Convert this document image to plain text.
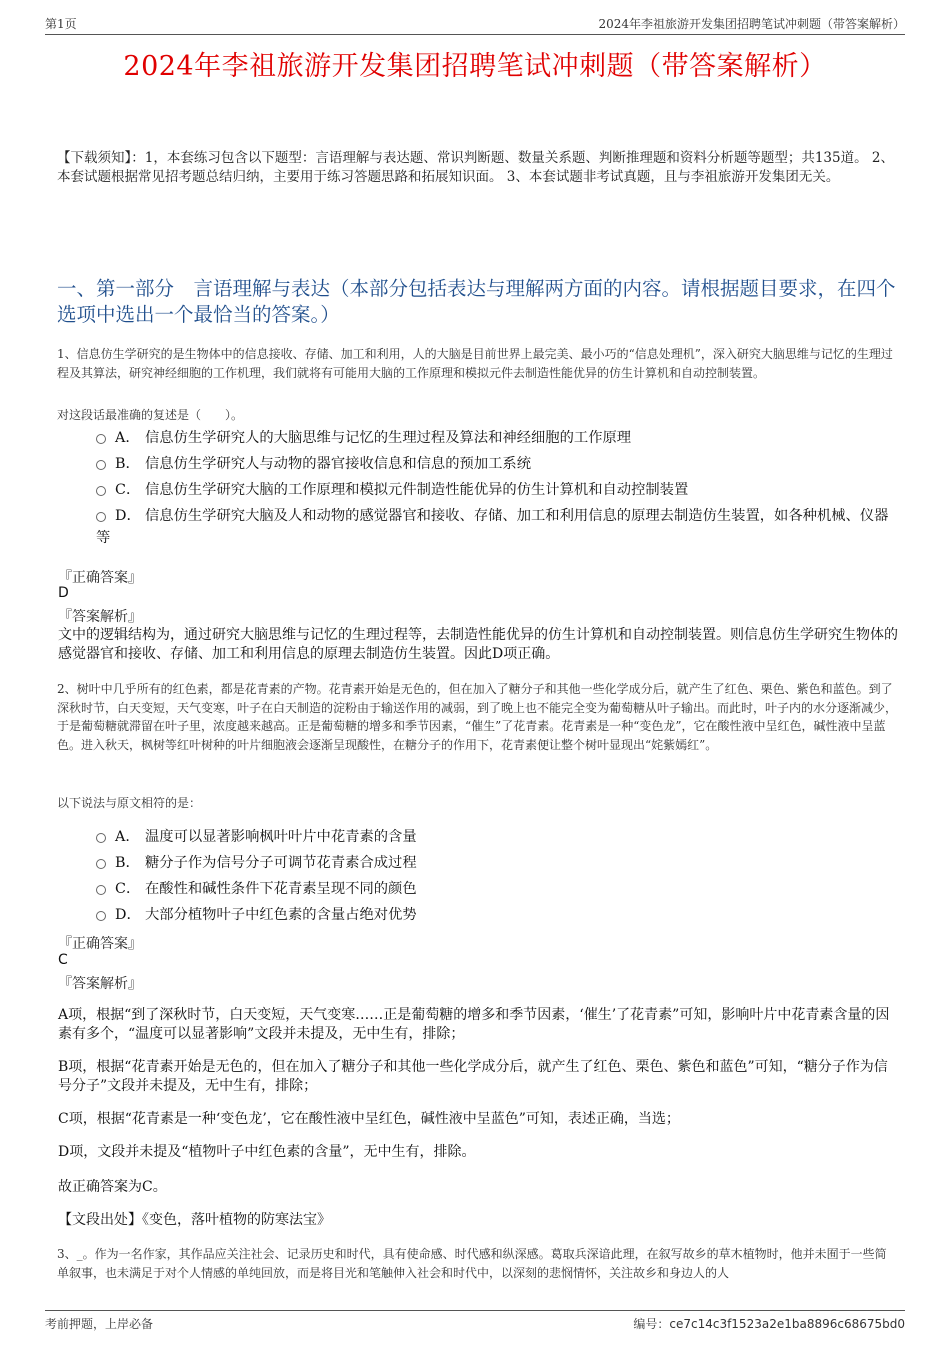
第1页	2024年李祖旅游开发集团招聘笔试冲刺题（带答案解析）
2024年李祖旅游开发集团招聘笔试冲刺题（带答案解析）
【下载须知】：1，本套练习包含以下题型：言语理解与表达题、常识判断题、数量关系题、判断推理题和资料分析题等题型；共135道。 2、本套试题根据常见招考题总结归纳，主要用于练习答题思路和拓展知识面。 3、本套试题非考试真题，且与李祖旅游开发集团无关。
一、第一部分　言语理解与表达（本部分包括表达与理解两方面的内容。请根据题目要求，在四个选项中选出一个最恰当的答案。）
1、信息仿生学研究的是生物体中的信息接收、存储、加工和利用，人的大脑是目前世界上最完美、最小巧的“信息处理机”，深入研究大脑思维与记忆的生理过程及其算法，研究神经细胞的工作机理，我们就将有可能用大脑的工作原理和模拟元件去制造性能优异的仿生计算机和自动控制装置。
对这段话最准确的复述是（　　）。
A． 信息仿生学研究人的大脑思维与记忆的生理过程及算法和神经细胞的工作原理
B． 信息仿生学研究人与动物的器官接收信息和信息的预加工系统
C． 信息仿生学研究大脑的工作原理和模拟元件制造性能优异的仿生计算机和自动控制装置
D． 信息仿生学研究大脑及人和动物的感觉器官和接收、存储、加工和利用信息的原理去制造仿生装置，如各种机械、仪器等
『正确答案』
D
『答案解析』
文中的逻辑结构为，通过研究大脑思维与记忆的生理过程等，去制造性能优异的仿生计算机和自动控制装置。则信息仿生学研究生物体的感觉器官和接收、存储、加工和利用信息的原理去制造仿生装置。因此D项正确。
2、树叶中几乎所有的红色素，都是花青素的产物。花青素开始是无色的，但在加入了糖分子和其他一些化学成分后，就产生了红色、栗色、紫色和蓝色。到了深秋时节，白天变短，天气变寒，叶子在白天制造的淀粉由于输送作用的减弱，到了晚上也不能完全变为葡萄糖从叶子输出。而此时，叶子内的水分逐渐减少，于是葡萄糖就滞留在叶子里，浓度越来越高。正是葡萄糖的增多和季节因素，“催生”了花青素。花青素是一种“变色龙”，它在酸性液中呈红色，碱性液中呈蓝色。进入秋天，枫树等红叶树种的叶片细胞液会逐渐呈现酸性，在糖分子的作用下，花青素便让整个树叶显现出“姹紫嫣红”。
以下说法与原文相符的是：
A． 温度可以显著影响枫叶叶片中花青素的含量
B． 糖分子作为信号分子可调节花青素合成过程
C． 在酸性和碱性条件下花青素呈现不同的颜色
D． 大部分植物叶子中红色素的含量占绝对优势
『正确答案』
C
『答案解析』
A项，根据“到了深秋时节，白天变短，天气变寒……正是葡萄糖的增多和季节因素，‘催生’了花青素”可知，影响叶片中花青素含量的因素有多个，“温度可以显著影响”文段并未提及，无中生有，排除；
B项，根据“花青素开始是无色的，但在加入了糖分子和其他一些化学成分后，就产生了红色、栗色、紫色和蓝色”可知，“糖分子作为信号分子”文段并未提及，无中生有，排除；
C项，根据“花青素是一种‘变色龙’，它在酸性液中呈红色，碱性液中呈蓝色”可知，表述正确，当选；
D项，文段并未提及“植物叶子中红色素的含量”，无中生有，排除。
故正确答案为C。
【文段出处】《变色，落叶植物的防寒法宝》
3、_。作为一名作家，其作品应关注社会、记录历史和时代，具有使命感、时代感和纵深感。葛取兵深谙此理，在叙写故乡的草木植物时，他并未囿于一些简单叙事，也未满足于对个人情感的单纯回放，而是将目光和笔触伸入社会和时代中，以深刻的悲悯情怀，关注故乡和身边人的人
考前押题，上岸必备	编号：ce7c14c3f1523a2e1ba8896c68675bd0
